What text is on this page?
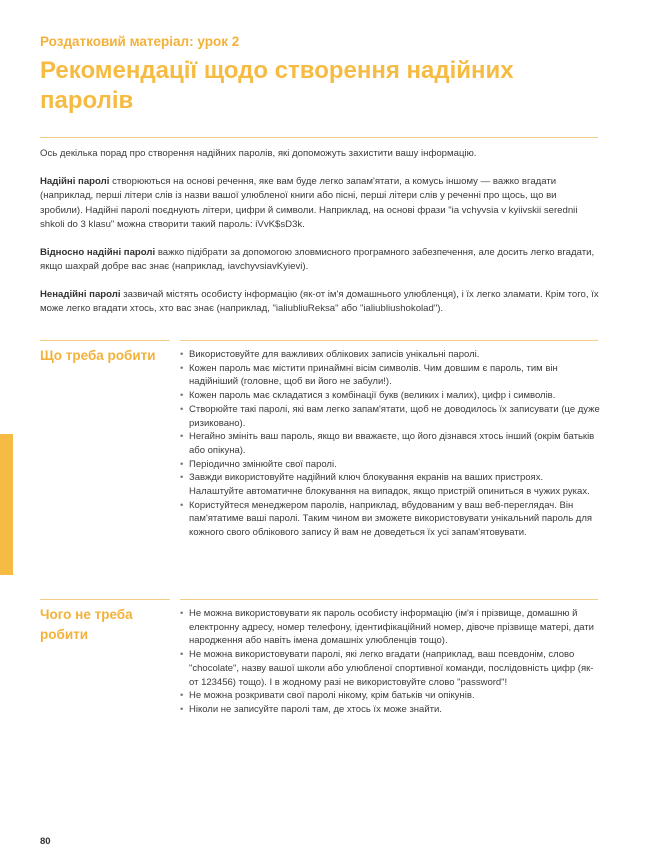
Роздатковий матеріал: урок 2

Рекомендації щодо створення надійних паролів

Ось декілька порад про створення надійних паролів, які допоможуть захистити вашу інформацію.

Надійні паролі створюються на основі речення, яке вам буде легко запам'ятати, а комусь іншому — важко вгадати (наприклад, перші літери слів із назви вашої улюбленої книги або пісні, перші літери слів у реченні про щось, що ви зробили). Надійні паролі поєднують літери, цифри й символи. Наприклад, на основі фрази "ia vchyvsia v kyiivskii serednii shkoli do 3 klasu" можна створити такий пароль: iVvK$sD3k.

Відносно надійні паролі важко підібрати за допомогою зловмисного програмного забезпечення, але досить легко вгадати, якщо шахрай добре вас знає (наприклад, iavchyvsiavKyievi).

Ненадійні паролі зазвичай містять особисту інформацію (як-от ім'я домашнього улюбленця), і їх легко зламати. Крім того, їх може легко вгадати хтось, хто вас знає (наприклад, "ialiubliuReksa" або "ialiubliushokolad").

Що треба робити
•	Використовуйте для важливих облікових записів унікальні паролі.
• Кожен пароль має містити принаймні вісім символів. Чим довшим є пароль, тим він надійніший (головне, щоб ви його не забули!).
• Кожен пароль має складатися з комбінації букв (великих і малих), цифр і символів.
• Створюйте такі паролі, які вам легко запам'ятати, щоб не доводилось їх записувати (це дуже ризиковано).
• Негайно змініть ваш пароль, якщо ви вважаєте, що його дізнався хтось інший (окрім батьків або опікуна).
• Періодично змінюйте свої паролі.
• Завжди використовуйте надійний ключ блокування екранів на ваших пристроях. Налаштуйте автоматичне блокування на випадок, якщо пристрій опиниться в чужих руках.
• Користуйтеся менеджером паролів, наприклад, вбудованим у ваш веб-переглядач. Він пам'ятатиме ваші паролі. Таким чином ви зможете використовувати унікальний пароль для кожного свого облікового запису й вам не доведеться їх усі запам'ятовувати.
Чого не треба робити
• Не можна використовувати як пароль особисту інформацію (ім'я і прізвище, домашню й електронну адресу, номер телефону, ідентифікаційний номер, дівоче прізвище матері, дати народження або навіть імена домашніх улюбленців тощо).
• Не можна використовувати паролі, які легко вгадати (наприклад, ваш псевдонім, слово "chocolate", назву вашої школи або улюбленої спортивної команди, послідовність цифр (як-от 123456) тощо). І в жодному разі не використовуйте слово "password"!
• Не можна розкривати свої паролі нікому, крім батьків чи опікунів.
• Ніколи не записуйте паролі там, де хтось їх може знайти.

80
